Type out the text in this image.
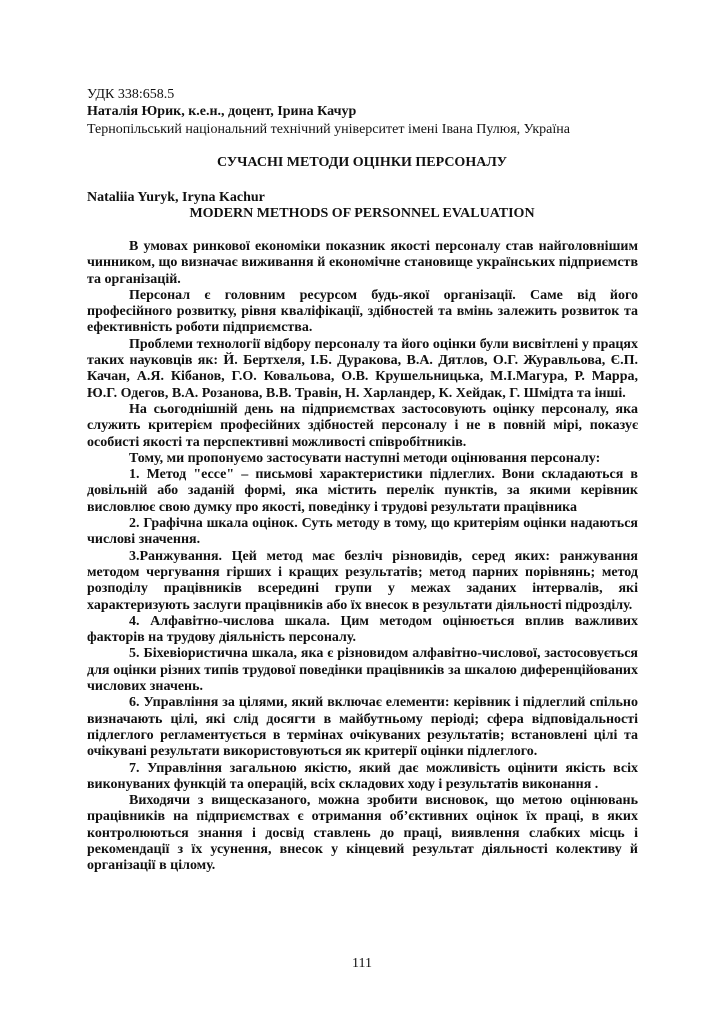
УДК 338:658.5
Наталія Юрик, к.е.н., доцент, Ірина Качур
Тернопільський національний технічний університет імені Івана Пулюя, Україна
СУЧАСНІ МЕТОДИ ОЦІНКИ ПЕРСОНАЛУ
Nataliia Yuryk, Iryna Kachur
MODERN METHODS OF PERSONNEL EVALUATION

В умовах ринкової економіки показник якості персоналу став найголовнішим чинником, що визначає виживання й економічне становище українських підприємств та організацій.

Персонал є головним ресурсом будь-якої організації. Саме від його професійного розвитку, рівня кваліфікації, здібностей та вмінь залежить розвиток та ефективність роботи підприємства.

Проблеми технології відбору персоналу та його оцінки були висвітлені у працях таких науковців як: Й. Бертхеля, І.Б. Дуракова, В.А. Дятлов, О.Г. Журавльова, Є.П. Качан, А.Я. Кібанов, Г.О. Ковальова, О.В. Крушельницька, М.І.Магура, Р. Марра, Ю.Г. Одегов, В.А. Розанова, В.В. Травін, Н. Харландер, К. Хейдак, Г. Шмідта та інші.

На сьогоднішній день на підприємствах застосовують оцінку персоналу, яка служить критерієм професійних здібностей персоналу і не в повній мірі, показує особисті якості та перспективні можливості співробітників.

Тому, ми пропонуємо застосувати наступні методи оцінювання персоналу:

1. Метод "ессе" – письмові характеристики підлеглих. Вони складаються в довільній або заданій формі, яка містить перелік пунктів, за якими керівник висловлює свою думку про якості, поведінку і трудові результати працівника

2. Графічна шкала оцінок. Суть методу в тому, що критеріям оцінки надаються числові значення.

3.Ранжування. Цей метод має безліч різновидів, серед яких: ранжування методом чергування гірших і кращих результатів; метод парних порівнянь; метод розподілу працівників всередині групи у межах заданих інтервалів, які характеризують заслуги працівників або їх внесок в результати діяльності підрозділу.

4. Алфавітно-числова шкала. Цим методом оцінюється вплив важливих факторів на трудову діяльність персоналу.

5. Біхевіористична шкала, яка є різновидом алфавітно-числової, застосовується для оцінки різних типів трудової поведінки працівників за шкалою диференційованих числових значень.

6. Управління за цілями, який включає елементи: керівник і підлеглий спільно визначають цілі, які слід досягти в майбутньому періоді; сфера відповідальності підлеглого регламентується в термінах очікуваних результатів; встановлені цілі та очікувані результати використовуються як критерії оцінки підлеглого.

7. Управління загальною якістю, який дає можливість оцінити якість всіх виконуваних функцій та операцій, всіх складових ходу і результатів виконання .

Виходячи з вищесказаного, можна зробити висновок, що метою оцінювань працівників на підприємствах є отримання об’єктивних оцінок їх праці, в яких контролюються знання і досвід ставлень до праці, виявлення слабких місць і рекомендації з їх усунення, внесок у кінцевий результат діяльності колективу й організації в цілому.

111
